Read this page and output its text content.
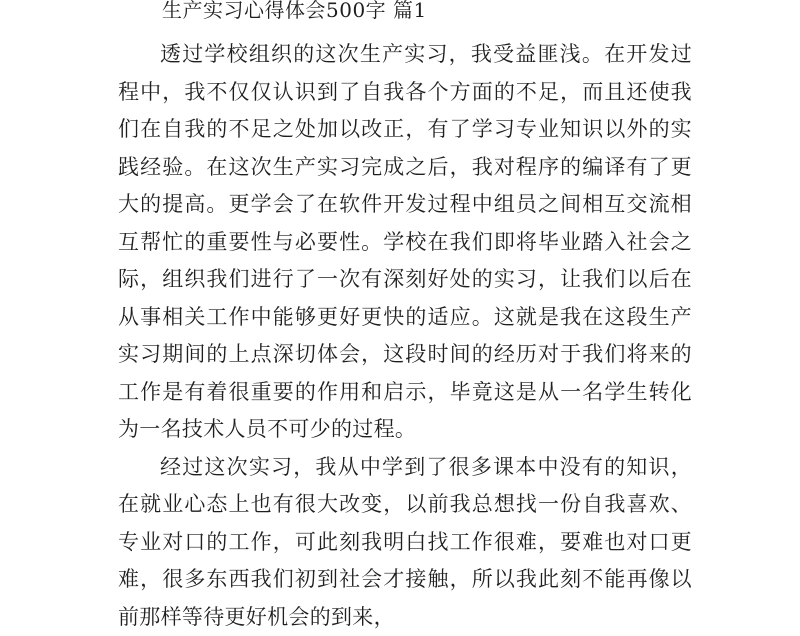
生产实习心得体会500字 篇1

透过学校组织的这次生产实习，我受益匪浅。在开发过程中，我不仅仅认识到了自我各个方面的不足，而且还使我们在自我的不足之处加以改正，有了学习专业知识以外的实践经验。在这次生产实习完成之后，我对程序的编译有了更大的提高。更学会了在软件开发过程中组员之间相互交流相互帮忙的重要性与必要性。学校在我们即将毕业踏入社会之际，组织我们进行了一次有深刻好处的实习，让我们以后在从事相关工作中能够更好更快的适应。这就是我在这段生产实习期间的上点深切体会，这段时间的经历对于我们将来的工作是有着很重要的作用和启示，毕竟这是从一名学生转化为一名技术人员不可少的过程。

经过这次实习，我从中学到了很多课本中没有的知识，在就业心态上也有很大改变，以前我总想找一份自我喜欢、专业对口的工作，可此刻我明白找工作很难，要难也对口更难，很多东西我们初到社会才接触，所以我此刻不能再像以前那样等待更好机会的到来，
